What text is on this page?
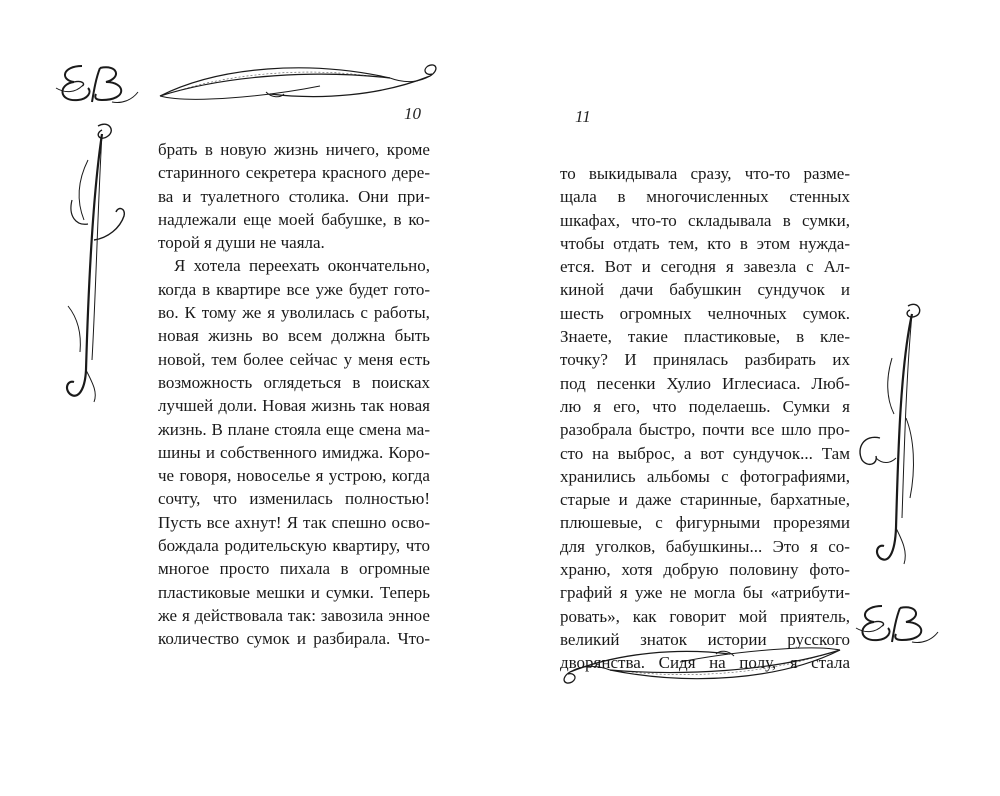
10
брать в новую жизнь ничего, кроме
старинного секретера красного дере-
ва и туалетного столика. Они при-
надлежали еще моей бабушке, в ко-
торой я души не чаяла.
Я хотела переехать окончательно,
когда в квартире все уже будет гото-
во. К тому же я уволилась с работы,
новая жизнь во всем должна быть
новой, тем более сейчас у меня есть
возможность оглядеться в поисках
лучшей доли. Новая жизнь так новая
жизнь. В плане стояла еще смена ма-
шины и собственного имиджа. Коро-
че говоря, новоселье я устрою, когда
сочту, что изменилась полностью!
Пусть все ахнут! Я так спешно осво-
бождала родительскую квартиру, что
многое просто пихала в огромные
пластиковые мешки и сумки. Теперь
же я действовала так: завозила энное
количество сумок и разбирала. Что-
11
то выкидывала сразу, что-то разме-
щала в многочисленных стенных
шкафах, что-то складывала в сумки,
чтобы отдать тем, кто в этом нужда-
ется. Вот и сегодня я завезла с Ал-
киной дачи бабушкин сундучок и
шесть огромных челночных сумок.
Знаете, такие пластиковые, в кле-
точку? И принялась разбирать их
под песенки Хулио Иглесиаса. Люб-
лю я его, что поделаешь. Сумки я
разобрала быстро, почти все шло про-
сто на выброс, а вот сундучок... Там
хранились альбомы с фотографиями,
старые и даже старинные, бархатные,
плюшевые, с фигурными прорезями
для уголков, бабушкины... Это я со-
храню, хотя добрую половину фото-
графий я уже не могла бы «атрибути-
ровать», как говорит мой приятель,
великий знаток истории русского
дворянства. Сидя на полу, я стала
